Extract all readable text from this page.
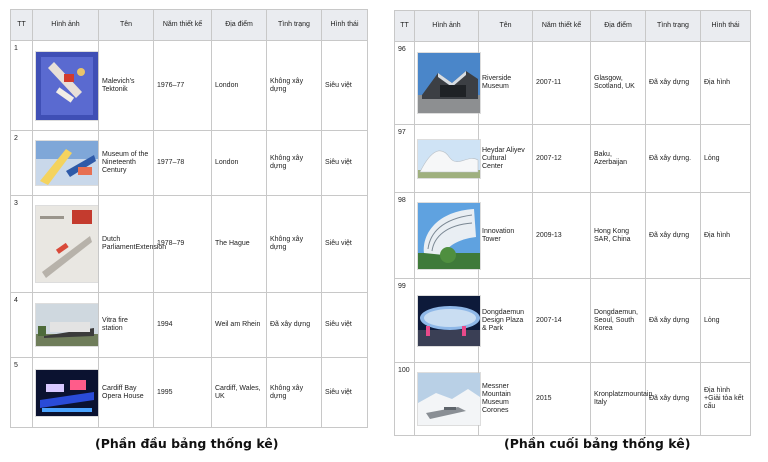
TT	Hình ảnh	Tên	Năm thiết kế	Địa điểm	Tình trạng	Hình thái
1		Malevich's Tektonik	1976–77	London	Không xây dựng	Siêu việt
2		Museum of the Nineteenth Century	1977–78	London	Không xây dựng	Siêu việt
3		Dutch ParliamentExtension	1978–79	The Hague	Không xây dựng	Siêu việt
4		Vitra fire station	1994	Weil am Rhein	Đã xây dựng	Siêu việt
5		Cardiff Bay Opera House	1995	Cardiff, Wales, UK	Không xây dựng	Siêu việt
TT	Hình ảnh	Tên	Năm thiết kế	Địa điểm	Tình trạng	Hình thái
96		Riverside Museum	2007-11	Glasgow, Scotland, UK	Đã xây dựng	Địa hình
97		Heydar Aliyev Cultural Center	2007-12	Baku, Azerbaijan	Đã xây dựng.	Lỏng
98		Innovation Tower	2009-13	Hong Kong SAR, China	Đã xây dựng	Địa hình
99		Dongdaemun Design Plaza & Park	2007-14	Dongdaemun, Seoul, South Korea	Đã xây dựng	Lỏng
100		Messner Mountain Museum Corones	2015	Kronplatzmountain, Italy	Đã xây dựng	Địa hình +Giải tỏa kết cấu
(Phần đầu bảng thống kê)	(Phần cuối bảng thống kê)
